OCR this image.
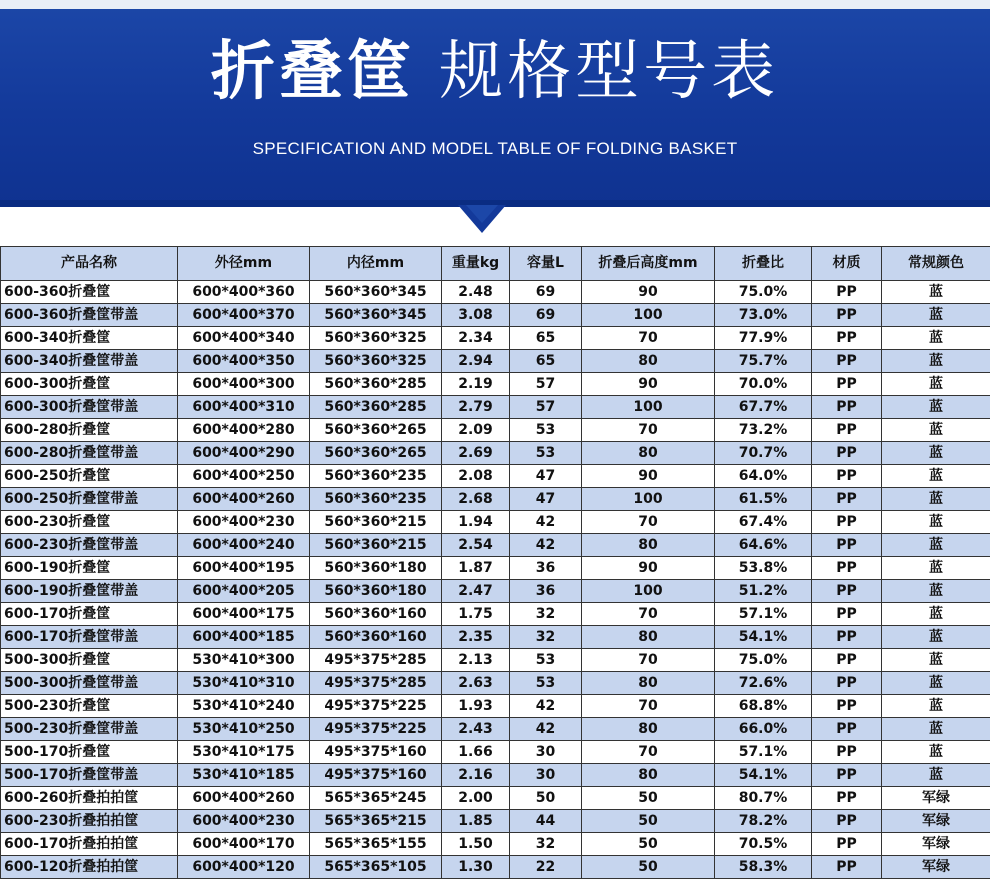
折叠筐 规格型号表
SPECIFICATION AND MODEL TABLE OF FOLDING BASKET
产品名称	外径mm	内径mm	重量kg	容量L	折叠后高度mm	折叠比	材质	常规颜色
600-360折叠筐	600*400*360	560*360*345	2.48	69	90	75.0%	PP	蓝
600-360折叠筐带盖	600*400*370	560*360*345	3.08	69	100	73.0%	PP	蓝
600-340折叠筐	600*400*340	560*360*325	2.34	65	70	77.9%	PP	蓝
600-340折叠筐带盖	600*400*350	560*360*325	2.94	65	80	75.7%	PP	蓝
600-300折叠筐	600*400*300	560*360*285	2.19	57	90	70.0%	PP	蓝
600-300折叠筐带盖	600*400*310	560*360*285	2.79	57	100	67.7%	PP	蓝
600-280折叠筐	600*400*280	560*360*265	2.09	53	70	73.2%	PP	蓝
600-280折叠筐带盖	600*400*290	560*360*265	2.69	53	80	70.7%	PP	蓝
600-250折叠筐	600*400*250	560*360*235	2.08	47	90	64.0%	PP	蓝
600-250折叠筐带盖	600*400*260	560*360*235	2.68	47	100	61.5%	PP	蓝
600-230折叠筐	600*400*230	560*360*215	1.94	42	70	67.4%	PP	蓝
600-230折叠筐带盖	600*400*240	560*360*215	2.54	42	80	64.6%	PP	蓝
600-190折叠筐	600*400*195	560*360*180	1.87	36	90	53.8%	PP	蓝
600-190折叠筐带盖	600*400*205	560*360*180	2.47	36	100	51.2%	PP	蓝
600-170折叠筐	600*400*175	560*360*160	1.75	32	70	57.1%	PP	蓝
600-170折叠筐带盖	600*400*185	560*360*160	2.35	32	80	54.1%	PP	蓝
500-300折叠筐	530*410*300	495*375*285	2.13	53	70	75.0%	PP	蓝
500-300折叠筐带盖	530*410*310	495*375*285	2.63	53	80	72.6%	PP	蓝
500-230折叠筐	530*410*240	495*375*225	1.93	42	70	68.8%	PP	蓝
500-230折叠筐带盖	530*410*250	495*375*225	2.43	42	80	66.0%	PP	蓝
500-170折叠筐	530*410*175	495*375*160	1.66	30	70	57.1%	PP	蓝
500-170折叠筐带盖	530*410*185	495*375*160	2.16	30	80	54.1%	PP	蓝
600-260折叠拍拍筐	600*400*260	565*365*245	2.00	50	50	80.7%	PP	军绿
600-230折叠拍拍筐	600*400*230	565*365*215	1.85	44	50	78.2%	PP	军绿
600-170折叠拍拍筐	600*400*170	565*365*155	1.50	32	50	70.5%	PP	军绿
600-120折叠拍拍筐	600*400*120	565*365*105	1.30	22	50	58.3%	PP	军绿
